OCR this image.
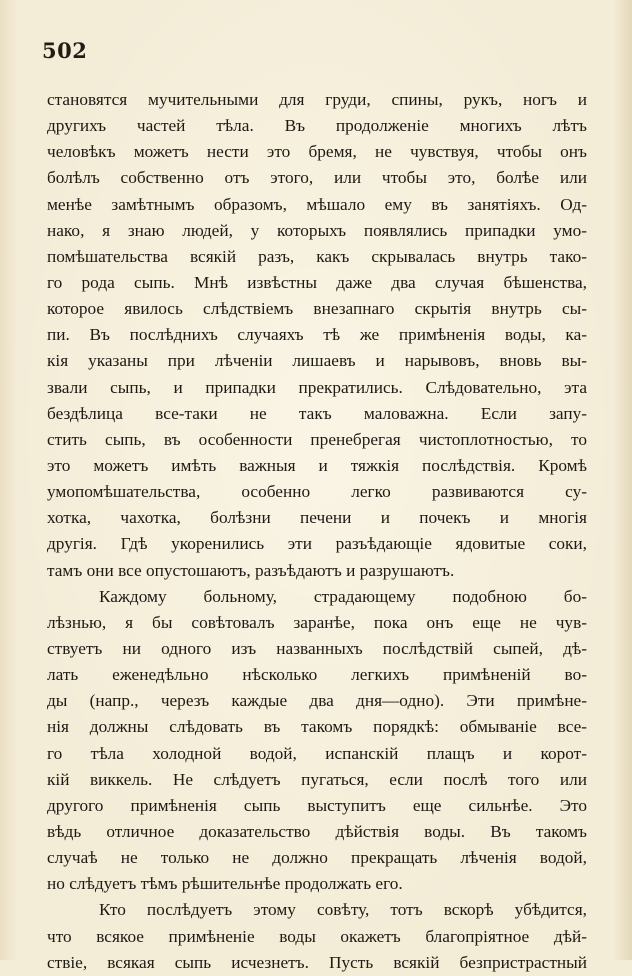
502
становятся мучительными для груди, спины, рукъ, ногъ и
другихъ частей тѣла. Въ продолженіе многихъ лѣтъ
человѣкъ можетъ нести это бремя, не чувствуя, чтобы онъ
болѣлъ собственно отъ этого, или чтобы это, болѣе или
менѣе замѣтнымъ образомъ, мѣшало ему въ занятіяхъ. Од-
нако, я знаю людей, у которыхъ появлялись припадки умо-
помѣшательства всякій разъ, какъ скрывалась внутрь тако-
го рода сыпь. Мнѣ извѣстны даже два случая бѣшенства,
которое явилось слѣдствіемъ внезапнаго скрытія внутрь сы-
пи. Въ послѣднихъ случаяхъ тѣ же примѣненія воды, ка-
кія указаны при лѣченіи лишаевъ и нарывовъ, вновь вы-
звали сыпь, и припадки прекратились. Слѣдовательно, эта
бездѣлица все-таки не такъ маловажна. Если запу-
стить сыпь, въ особенности пренебрегая чистоплотностью, то
это можетъ имѣть важныя и тяжкія послѣдствія. Кромѣ
умопомѣшательства, особенно легко развиваются су-
хотка, чахотка, болѣзни печени и почекъ и многія
другія. Гдѣ укоренились эти разъѣдающіе ядовитые соки,
тамъ они все опустошаютъ, разъѣдаютъ и разрушаютъ.
Каждому больному, страдающему подобною бо-
лѣзнью, я бы совѣтовалъ заранѣе, пока онъ еще не чув-
ствуетъ ни одного изъ названныхъ послѣдствій сыпей, дѣ-
лать еженедѣльно нѣсколько легкихъ примѣненій во-
ды (напр., черезъ каждые два дня—одно). Эти примѣне-
нія должны слѣдовать въ такомъ порядкѣ: обмываніе все-
го тѣла холодной водой, испанскій плащъ и корот-
кій виккель. Не слѣдуетъ пугаться, если послѣ того или
другого примѣненія сыпь выступитъ еще сильнѣе. Это
вѣдь отличное доказательство дѣйствія воды. Въ такомъ
случаѣ не только не должно прекращать лѣченія водой,
но слѣдуетъ тѣмъ рѣшительнѣе продолжать его.
Кто послѣдуетъ этому совѣту, тотъ вскорѣ убѣдится,
что всякое примѣненіе воды окажетъ благопріятное дѣй-
ствіе, всякая сыпь исчезнетъ. Пусть всякій безпристрастный
